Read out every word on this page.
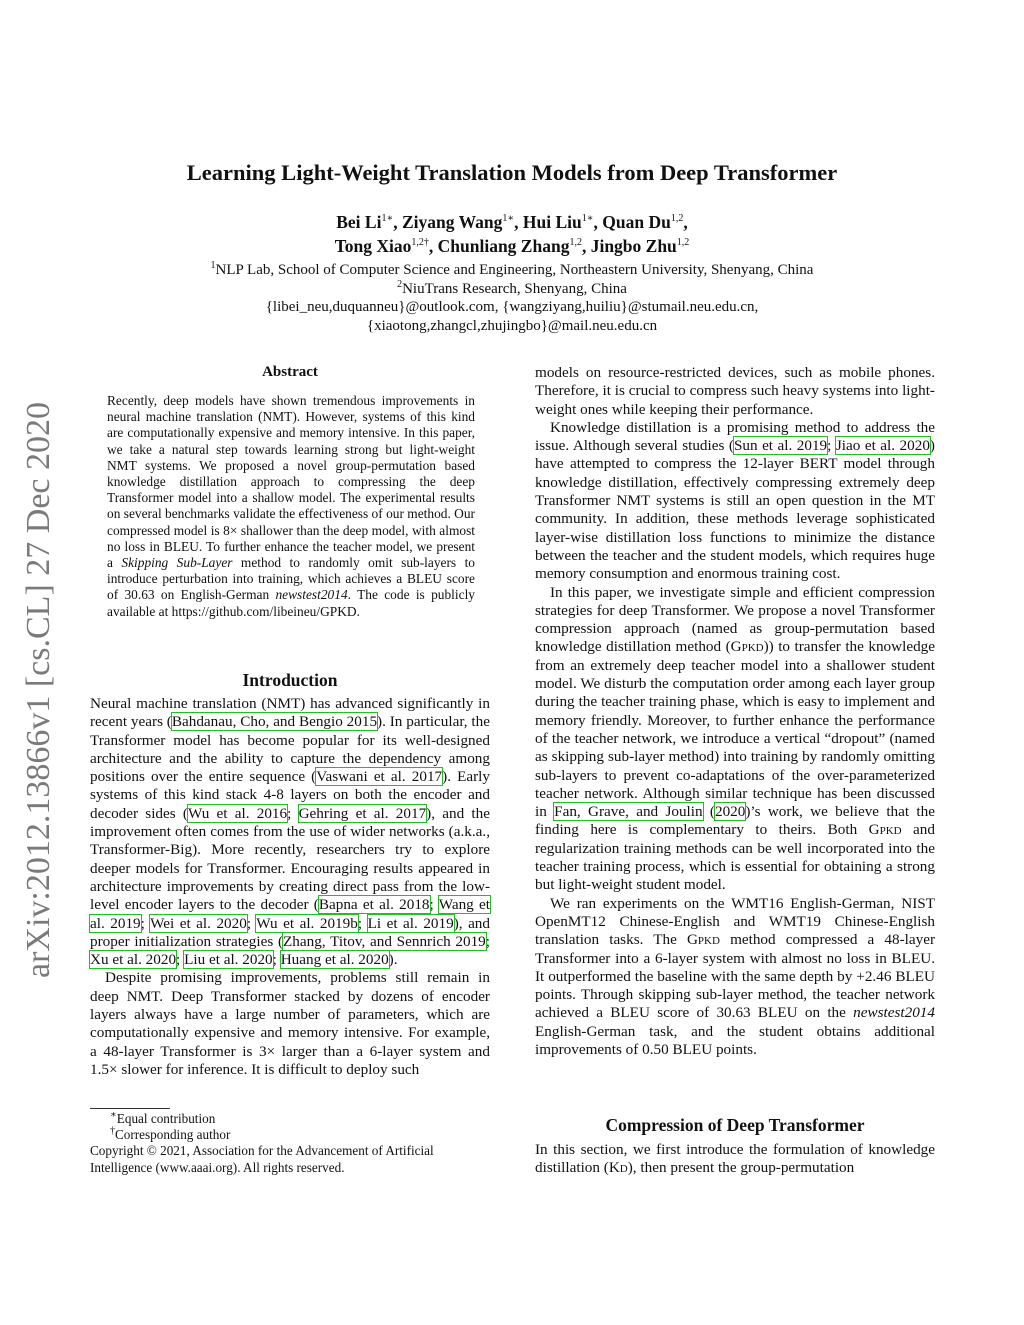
Learning Light-Weight Translation Models from Deep Transformer
Bei $Li^{1∗}$, Ziyang Wang$^{1∗}$, Hui Liu$^{1∗}$, Quan Du$^{1,2}$,
Tong Xiao$^{1,2\dagger}$, Chunliang Zhang$^{1,2}$, Jingbo Zhu$^{1,2}$
$^1$NLP Lab, School of Computer Science and Engineering, Northeastern University, Shenyang, China
$^2$NiuTrans Research, Shenyang, China
{libei_neu,duquanneu}@outlook.com, {wangziyang,huiliu}@stumail.neu.edu.cn,
{xiaotong,zhangcl,zhujingbo}@mail.neu.edu.cn
arXiv:2012.13866v1 [cs.CL] 27 Dec 2020
Abstract

Recently, deep models have shown tremendous improvements in neural machine translation (NMT). However, systems of this kind are computationally expensive and memory intensive. In this paper, we take a natural step towards learning strong but light-weight NMT systems. We proposed a novel group-permutation based knowledge distillation approach to compressing the deep Transformer model into a shallow model. The experimental results on several benchmarks validate the effectiveness of our method. Our compressed model is 8× shallower than the deep model, with almost no loss in BLEU. To further enhance the teacher model, we present a Skipping Sub-Layer method to randomly omit sub-layers to introduce perturbation into training, which achieves a BLEU score of 30.63 on English-German newstest2014. The code is publicly available at https://github.com/libeineu/GPKD.

Introduction

Neural machine translation (NMT) has advanced significantly in recent years (Bahdanau, Cho, and Bengio 2015). In particular, the Transformer model has become popular for its well-designed architecture and the ability to capture the dependency among positions over the entire sequence (Vaswani et al. 2017). Early systems of this kind stack 4-8 layers on both the encoder and decoder sides (Wu et al. 2016; Gehring et al. 2017), and the improvement often comes from the use of wider networks (a.k.a., Transformer-Big). More recently, researchers try to explore deeper models for Transformer. Encouraging results appeared in architecture improvements by creating direct pass from the low-level encoder layers to the decoder (Bapna et al. 2018; Wang et al. 2019; Wei et al. 2020; Wu et al. 2019b; Li et al. 2019), and proper initialization strategies (Zhang, Titov, and Sennrich 2019; Xu et al. 2020; Liu et al. 2020; Huang et al. 2020).

Despite promising improvements, problems still remain in deep NMT. Deep Transformer stacked by dozens of encoder layers always have a large number of parameters, which are computationally expensive and memory intensive. For example, a 48-layer Transformer is 3× larger than a 6-layer system and 1.5× slower for inference. It is difficult to deploy such

∗Equal contribution

†Corresponding author

Copyright © 2021, Association for the Advancement of Artificial Intelligence (www.aaai.org). All rights reserved.

models on resource-restricted devices, such as mobile phones. Therefore, it is crucial to compress such heavy systems into light-weight ones while keeping their performance.

Knowledge distillation is a promising method to address the issue. Although several studies (Sun et al. 2019; Jiao et al. 2020) have attempted to compress the 12-layer BERT model through knowledge distillation, effectively compressing extremely deep Transformer NMT systems is still an open question in the MT community. In addition, these methods leverage sophisticated layer-wise distillation loss functions to minimize the distance between the teacher and the student models, which requires huge memory consumption and enormous training cost.

In this paper, we investigate simple and efficient compression strategies for deep Transformer. We propose a novel Transformer compression approach (named as group-permutation based knowledge distillation method (Gpkd)) to transfer the knowledge from an extremely deep teacher model into a shallower student model. We disturb the computation order among each layer group during the teacher training phase, which is easy to implement and memory friendly. Moreover, to further enhance the performance of the teacher network, we introduce a vertical “dropout” (named as skipping sub-layer method) into training by randomly omitting sub-layers to prevent co-adaptations of the over-parameterized teacher network. Although similar technique has been discussed in Fan, Grave, and Joulin (2020)’s work, we believe that the finding here is complementary to theirs. Both Gpkd and regularization training methods can be well incorporated into the teacher training process, which is essential for obtaining a strong but light-weight student model.

We ran experiments on the WMT16 English-German, NIST OpenMT12 Chinese-English and WMT19 Chinese-English translation tasks. The Gpkd method compressed a 48-layer Transformer into a 6-layer system with almost no loss in BLEU. It outperformed the baseline with the same depth by +2.46 BLEU points. Through skipping sub-layer method, the teacher network achieved a BLEU score of 30.63 BLEU on the newstest2014 English-German task, and the student obtains additional improvements of 0.50 BLEU points.

Compression of Deep Transformer

In this section, we first introduce the formulation of knowledge distillation (Kd), then present the group-permutation
